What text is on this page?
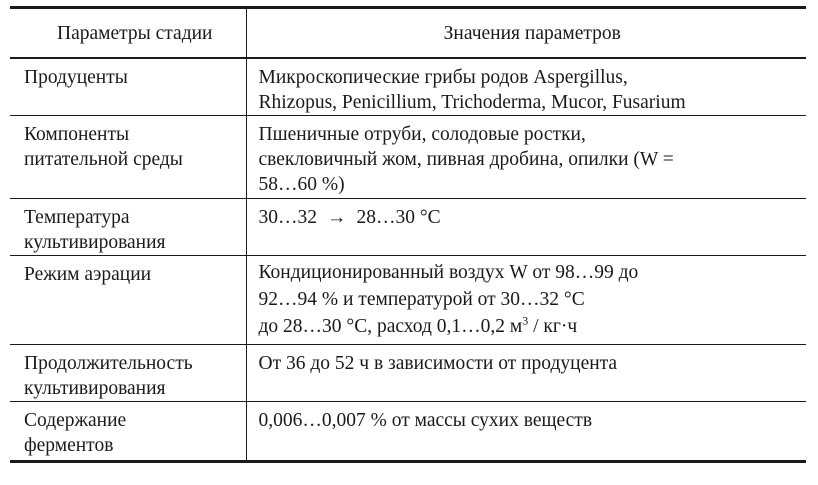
Параметры стадии	Значения параметров

Продуценты	Микроскопические грибы родов Aspergillus,
Rhizopus, Penicillium, Trichoderma, Mucor, Fusarium

Компоненты
питательной среды	Пшеничные отруби, солодовые ростки,
свекловичный жом, пивная дробина, опилки (W =
58…60 %)

Температура
культивирования	30…32 → 28…30 °C

Режим аэрации	Кондиционированный воздух W от 98…99 до
92…94 % и температурой от 30…32 °C
до 28…30 °C, расход 0,1…0,2 $м^3 / кг\cdot ч$

Продолжительность
культивирования	От 36 до 52 ч в зависимости от продуцента

Содержание
ферментов	0,006…0,007 % от массы сухих веществ
